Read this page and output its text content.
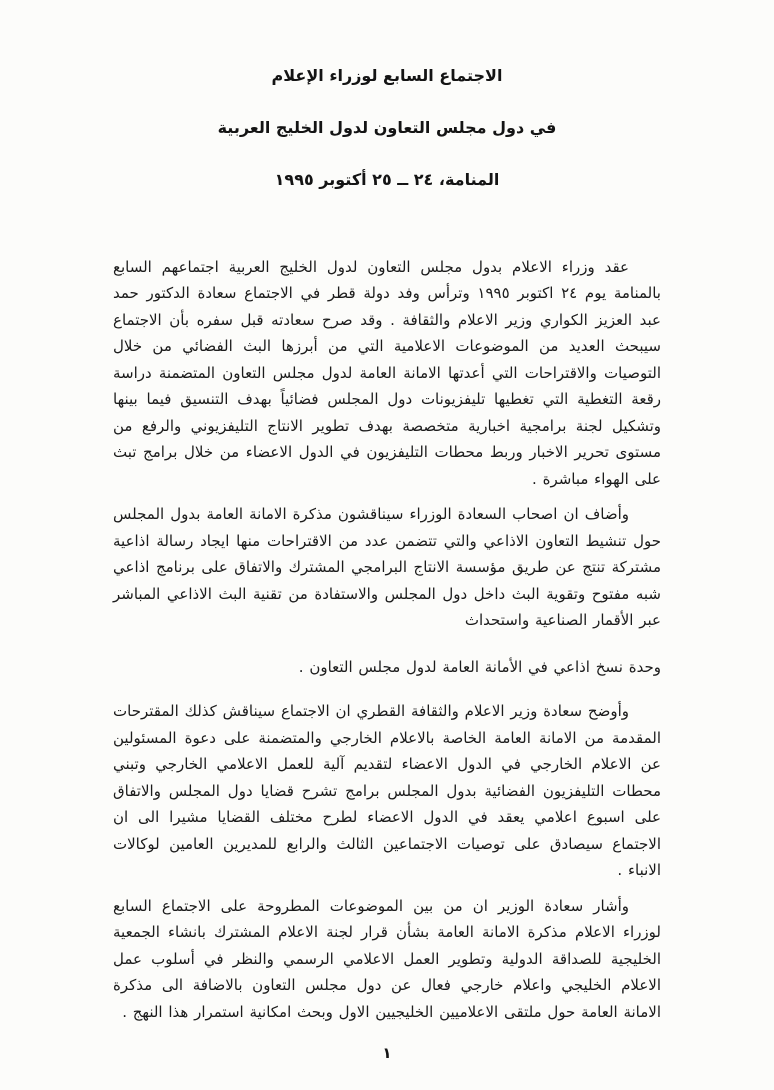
الاجتماع السابع لوزراء الإعلام
في دول مجلس التعاون لدول الخليج العربية
المنامة، ٢٤ ــ ٢٥ أكتوبر ١٩٩٥

عقد وزراء الاعلام بدول مجلس التعاون لدول الخليج العربية اجتماعهم السابع بالمنامة يوم ٢٤ اكتوبر ١٩٩٥ وترأس وفد دولة قطر في الاجتماع سعادة الدكتور حمد عبد العزيز الكواري وزير الاعلام والثقافة . وقد صرح سعادته قبل سفره بأن الاجتماع سيبحث العديد من الموضوعات الاعلامية التي من أبرزها البث الفضائي من خلال التوصيات والاقتراحات التي أعدتها الامانة العامة لدول مجلس التعاون المتضمنة دراسة رقعة التغطية التي تغطيها تليفزيونات دول المجلس فضائياً بهدف التنسيق فيما بينها وتشكيل لجنة برامجية اخبارية متخصصة بهدف تطوير الانتاج التليفزيوني والرفع من مستوى تحرير الاخبار وربط محطات التليفزيون في الدول الاعضاء من خلال برامج تبث على الهواء مباشرة .

وأضاف ان اصحاب السعادة الوزراء سيناقشون مذكرة الامانة العامة بدول المجلس حول تنشيط التعاون الاذاعي والتي تتضمن عدد من الاقتراحات منها ايجاد رسالة اذاعية مشتركة تنتج عن طريق مؤسسة الانتاج البرامجي المشترك والاتفاق على برنامج اذاعي شبه مفتوح وتقوية البث داخل دول المجلس والاستفادة من تقنية البث الاذاعي المباشر عبر الأقمار الصناعية واستحداث

وحدة نسخ اذاعي في الأمانة العامة لدول مجلس التعاون .

وأوضح سعادة وزير الاعلام والثقافة القطري ان الاجتماع سيناقش كذلك المقترحات المقدمة من الامانة العامة الخاصة بالاعلام الخارجي والمتضمنة على دعوة المسئولين عن الاعلام الخارجي في الدول الاعضاء لتقديم آلية للعمل الاعلامي الخارجي وتبني محطات التليفزيون الفضائية بدول المجلس برامج تشرح قضايا دول المجلس والاتفاق على اسبوع اعلامي يعقد في الدول الاعضاء لطرح مختلف القضايا مشيرا الى ان الاجتماع سيصادق على توصيات الاجتماعين الثالث والرابع للمديرين العامين لوكالات الانباء .

وأشار سعادة الوزير ان من بين الموضوعات المطروحة على الاجتماع السابع لوزراء الاعلام مذكرة الامانة العامة بشأن قرار لجنة الاعلام المشترك بانشاء الجمعية الخليجية للصداقة الدولية وتطوير العمل الاعلامي الرسمي والنظر في أسلوب عمل الاعلام الخليجي واعلام خارجي فعال عن دول مجلس التعاون بالاضافة الى مذكرة الامانة العامة حول ملتقى الاعلاميين الخليجيين الاول وبحث امكانية استمرار هذا النهج .

١
